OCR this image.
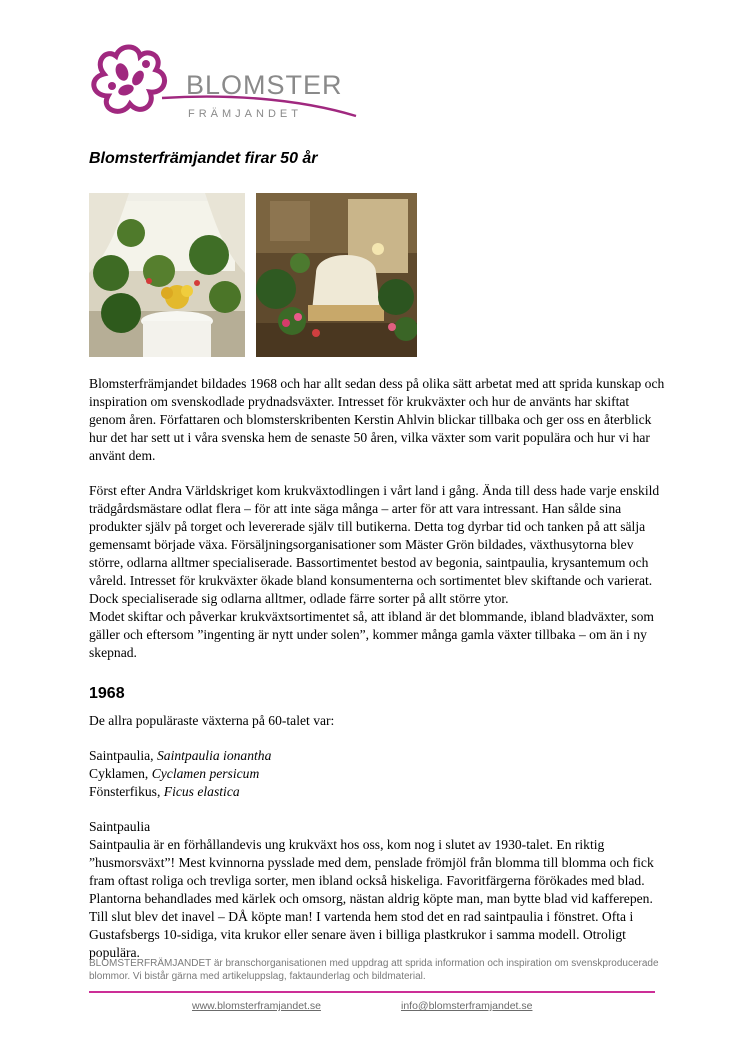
BLOMSTER
FRÄMJANDET
Blomsterfrämjandet firar 50 år

Blomsterfrämjandet bildades 1968 och har allt sedan dess på olika sätt arbetat med att sprida kunskap och inspiration om svenskodlade prydnadsväxter. Intresset för krukväxter och hur de använts har skiftat genom åren. Författaren och blomsterskribenten Kerstin Ahlvin blickar tillbaka och ger oss en återblick hur det har sett ut i våra svenska hem de senaste 50 åren, vilka växter som varit populära och hur vi har använt dem.

Först efter Andra Världskriget kom krukväxtodlingen i vårt land i gång. Ända till dess hade varje enskild trädgårdsmästare odlat flera – för att inte säga många – arter för att vara intressant. Han sålde sina produkter själv på torget och levererade själv till butikerna. Detta tog dyrbar tid och tanken på att sälja gemensamt började växa. Försäljningsorganisationer som Mäster Grön bildades, växthusytorna blev större, odlarna alltmer specialiserade. Bassortimentet bestod av begonia, saintpaulia, krysantemum och våreld. Intresset för krukväxter ökade bland konsumenterna och sortimentet blev skiftande och varierat. Dock specialiserade sig odlarna alltmer, odlade färre sorter på allt större ytor.
Modet skiftar och påverkar krukväxtsortimentet så, att ibland är det blommande, ibland bladväxter, som gäller och eftersom ”ingenting är nytt under solen”, kommer många gamla växter tillbaka – om än i ny skepnad.
1968

De allra populäraste växterna på 60-talet var:

Saintpaulia, Saintpaulia ionantha
Cyklamen, Cyclamen persicum
Fönsterfikus, Ficus elastica
Saintpaulia
Saintpaulia är en förhållandevis ung krukväxt hos oss, kom nog i slutet av 1930-talet. En riktig ”husmorsväxt”! Mest kvinnorna pysslade med dem, penslade frömjöl från blomma till blomma och fick fram oftast roliga och trevliga sorter, men ibland också hiskeliga. Favoritfärgerna förökades med blad. Plantorna behandlades med kärlek och omsorg, nästan aldrig köpte man, man bytte blad vid kafferepen. Till slut blev det inavel – DÅ köpte man! I vartenda hem stod det en rad saintpaulia i fönstret. Ofta i Gustafsbergs 10-sidiga, vita krukor eller senare även i billiga plastkrukor i samma modell. Otroligt populära.

BLOMSTERFRÄMJANDET är branschorganisationen med uppdrag att sprida information och inspiration om svenskproducerade blommor. Vi bistår gärna med artikeluppslag, faktaunderlag och bildmaterial.

www.blomsterframjandet.se	info@blomsterframjandet.se
